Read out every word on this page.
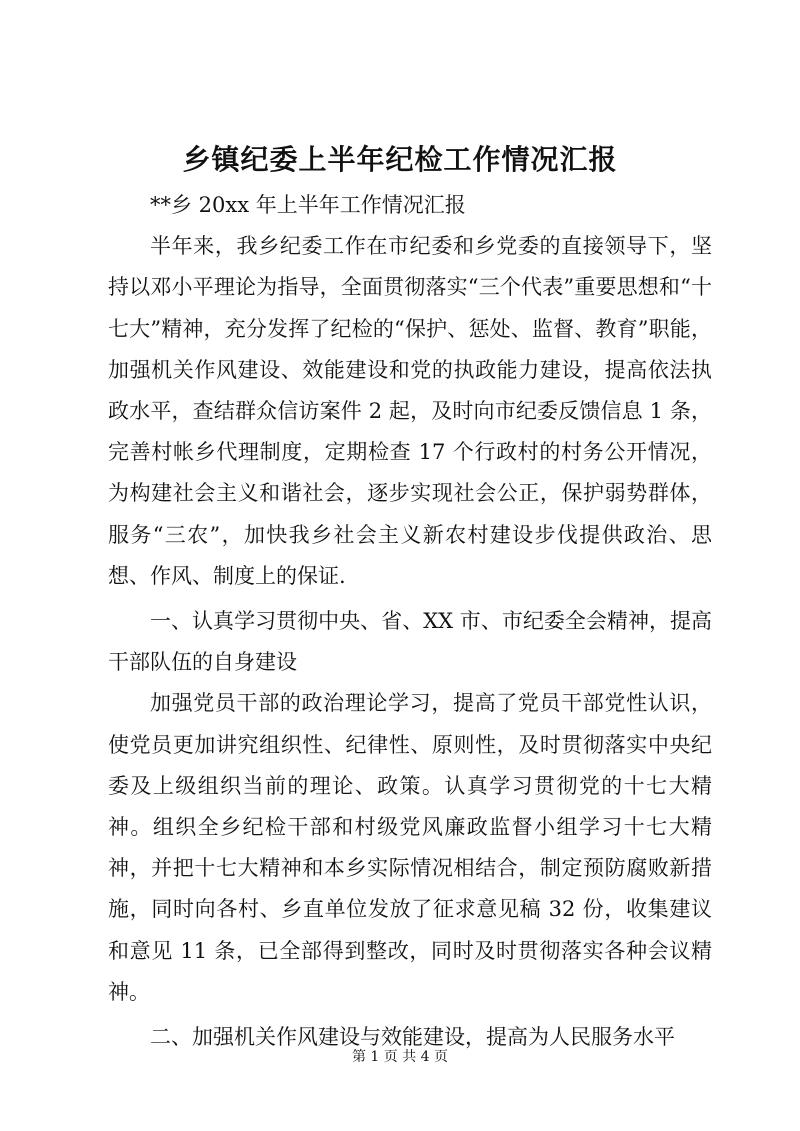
乡镇纪委上半年纪检工作情况汇报

**乡 20xx 年上半年工作情况汇报

半年来，我乡纪委工作在市纪委和乡党委的直接领导下，坚持以邓小平理论为指导，全面贯彻落实“三个代表”重要思想和“十七大”精神，充分发挥了纪检的“保护、惩处、监督、教育”职能，加强机关作风建设、效能建设和党的执政能力建设，提高依法执政水平，查结群众信访案件 2 起，及时向市纪委反馈信息 1 条，完善村帐乡代理制度，定期检查 17 个行政村的村务公开情况，为构建社会主义和谐社会，逐步实现社会公正，保护弱势群体，服务“三农”，加快我乡社会主义新农村建设步伐提供政治、思想、作风、制度上的保证.

一、认真学习贯彻中央、省、XX 市、市纪委全会精神，提高干部队伍的自身建设

加强党员干部的政治理论学习，提高了党员干部党性认识，使党员更加讲究组织性、纪律性、原则性，及时贯彻落实中央纪委及上级组织当前的理论、政策。认真学习贯彻党的十七大精神。组织全乡纪检干部和村级党风廉政监督小组学习十七大精神，并把十七大精神和本乡实际情况相结合，制定预防腐败新措施，同时向各村、乡直单位发放了征求意见稿 32 份，收集建议和意见 11 条，已全部得到整改，同时及时贯彻落实各种会议精神。

二、加强机关作风建设与效能建设，提高为人民服务水平

第 1 页 共 4 页
